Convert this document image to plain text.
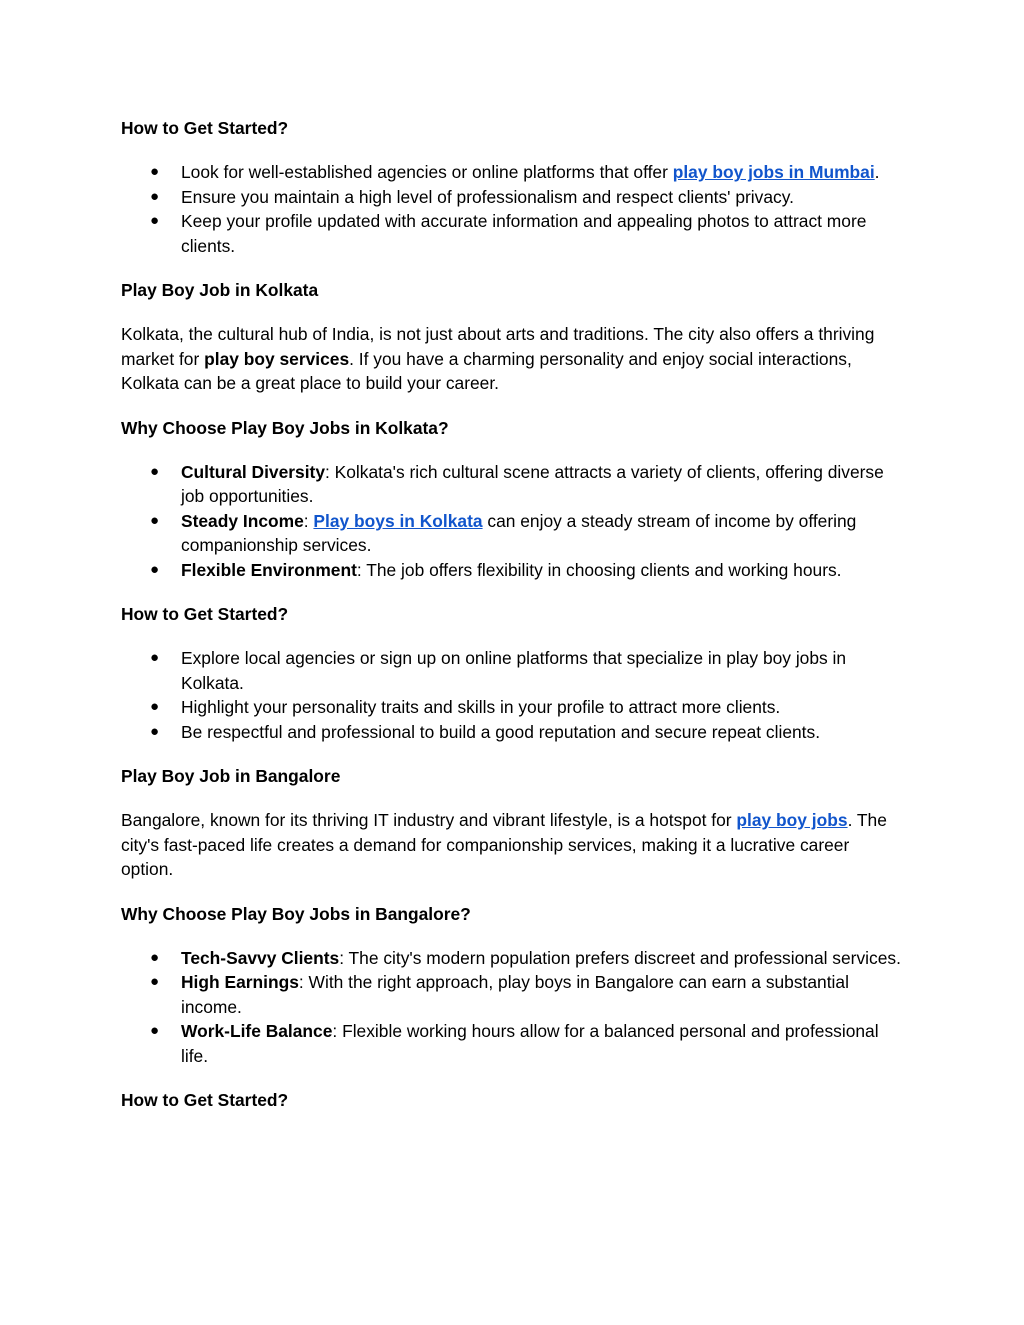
How to Get Started?

● Look for well-established agencies or online platforms that offer play boy jobs in Mumbai.
● Ensure you maintain a high level of professionalism and respect clients' privacy.
● Keep your profile updated with accurate information and appealing photos to attract more clients.

Play Boy Job in Kolkata

Kolkata, the cultural hub of India, is not just about arts and traditions. The city also offers a thriving market for play boy services. If you have a charming personality and enjoy social interactions, Kolkata can be a great place to build your career.

Why Choose Play Boy Jobs in Kolkata?

● Cultural Diversity: Kolkata's rich cultural scene attracts a variety of clients, offering diverse job opportunities.
● Steady Income: Play boys in Kolkata can enjoy a steady stream of income by offering companionship services.
● Flexible Environment: The job offers flexibility in choosing clients and working hours.

How to Get Started?

● Explore local agencies or sign up on online platforms that specialize in play boy jobs in Kolkata.
● Highlight your personality traits and skills in your profile to attract more clients.
● Be respectful and professional to build a good reputation and secure repeat clients.

Play Boy Job in Bangalore

Bangalore, known for its thriving IT industry and vibrant lifestyle, is a hotspot for play boy jobs. The city's fast-paced life creates a demand for companionship services, making it a lucrative career option.

Why Choose Play Boy Jobs in Bangalore?

● Tech-Savvy Clients: The city's modern population prefers discreet and professional services.
● High Earnings: With the right approach, play boys in Bangalore can earn a substantial income.
● Work-Life Balance: Flexible working hours allow for a balanced personal and professional life.

How to Get Started?
